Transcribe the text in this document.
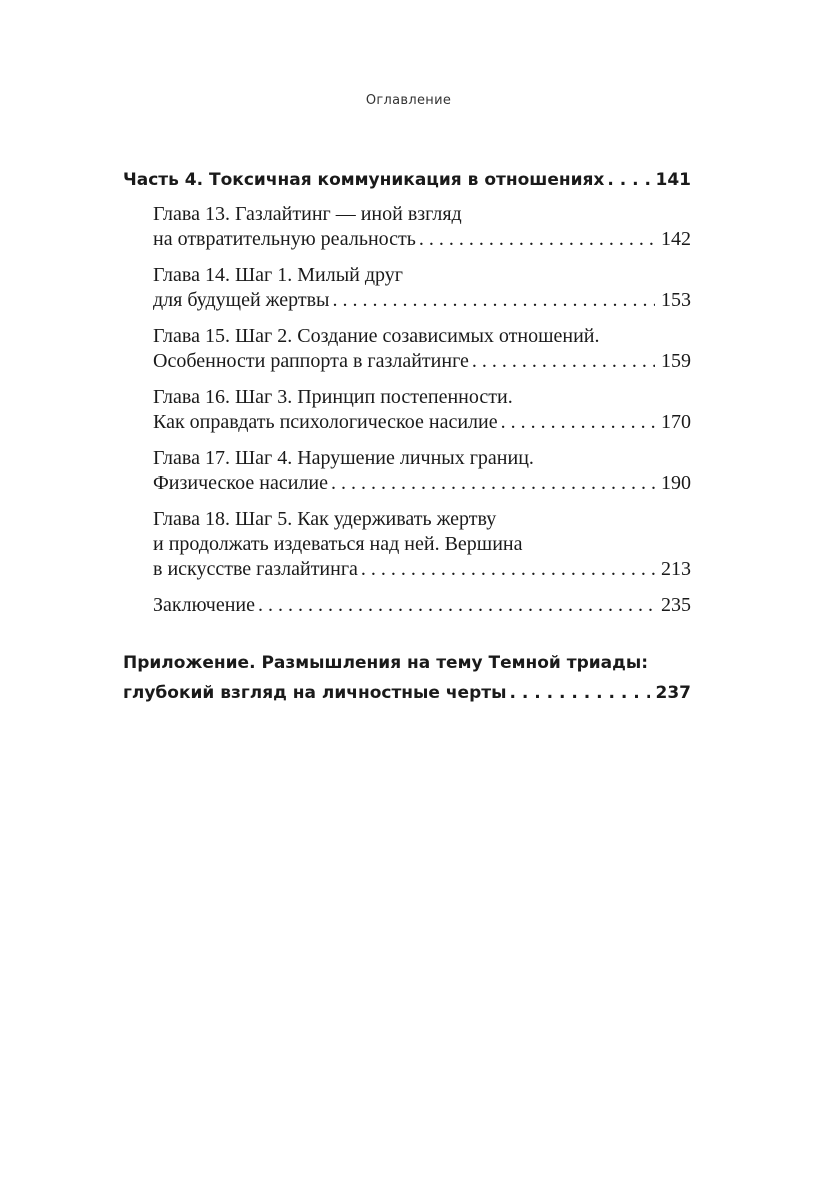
Оглавление
Часть 4. Токсичная коммуникация в отношениях . . .	141
Глава 13. Газлайтинг — иной взгляд
на отвратительную реальность . . .	142
Глава 14. Шаг 1. Милый друг
для будущей жертвы . . .	153
Глава 15. Шаг 2. Создание созависимых отношений.
Особенности раппорта в газлайтинге . . .	159
Глава 16. Шаг 3. Принцип постепенности.
Как оправдать психологическое насилие . . .	170
Глава 17. Шаг 4. Нарушение личных границ.
Физическое насилие . . .	190
Глава 18. Шаг 5. Как удерживать жертву
и продолжать издеваться над ней. Вершина
в искусстве газлайтинга . . .	213
Заключение . . .	235
Приложение. Размышления на тему Темной триады:
глубокий взгляд на личностные черты . . .	237
